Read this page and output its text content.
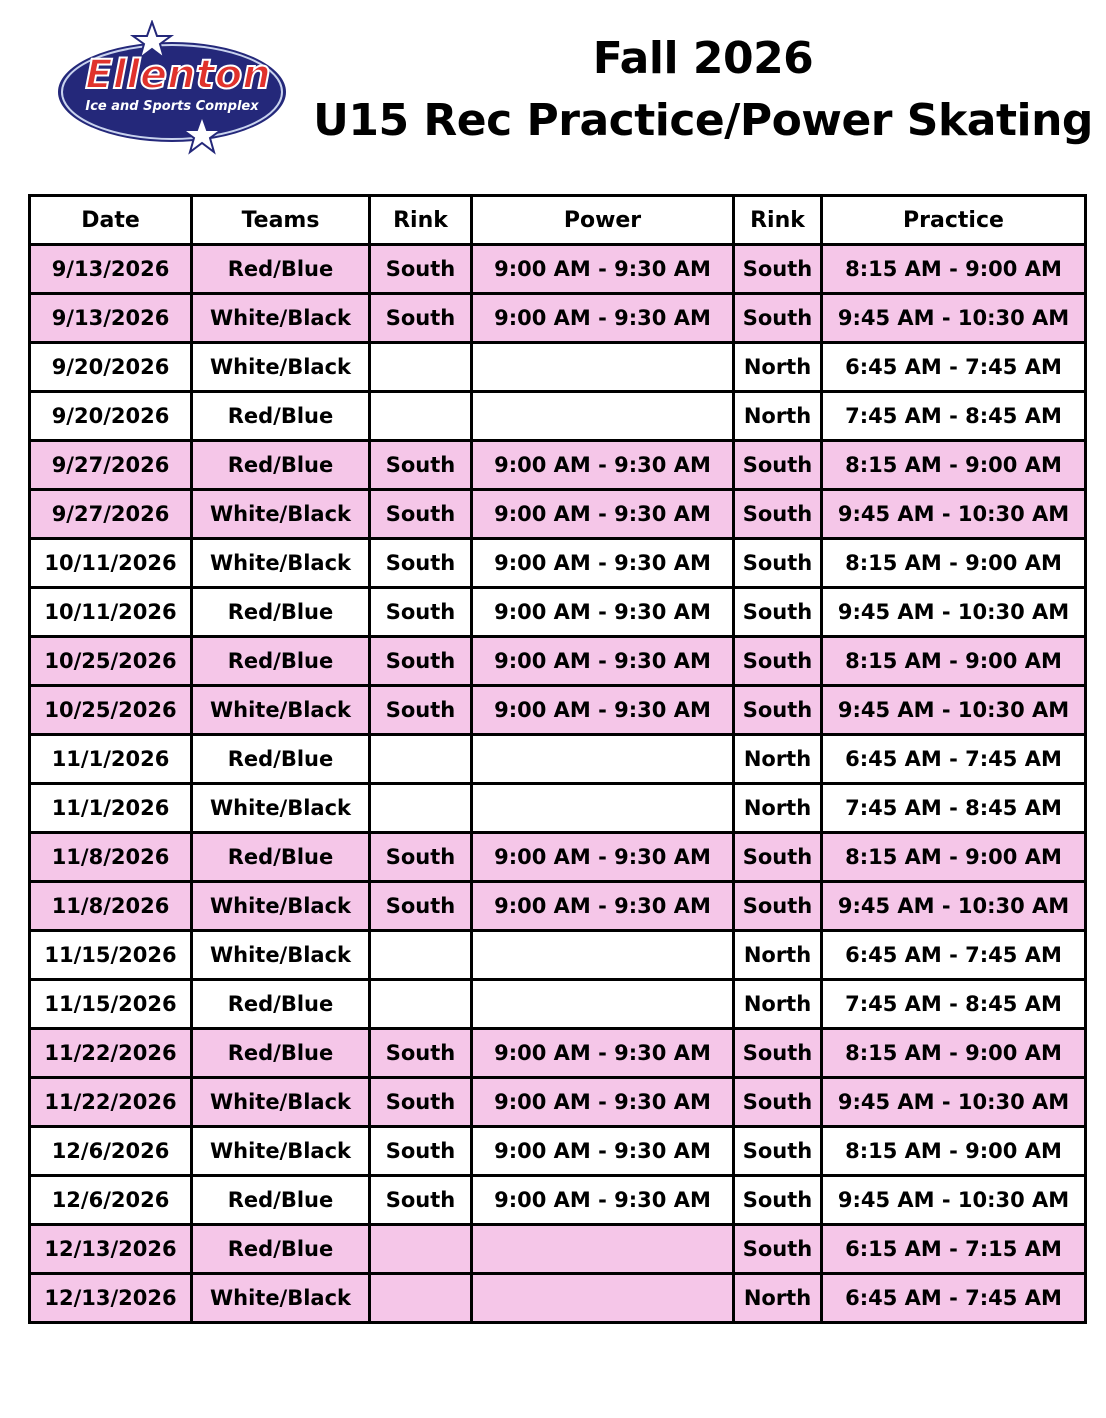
Ellenton
Ice and Sports Complex
Fall 2026
U15 Rec Practice/Power Skating
Date	Teams	Rink	Power	Rink	Practice
9/13/2026	Red/Blue	South	9:00 AM - 9:30 AM	South	8:15 AM - 9:00 AM
9/13/2026	White/Black	South	9:00 AM - 9:30 AM	South	9:45 AM - 10:30 AM
9/20/2026	White/Black			North	6:45 AM - 7:45 AM
9/20/2026	Red/Blue			North	7:45 AM - 8:45 AM
9/27/2026	Red/Blue	South	9:00 AM - 9:30 AM	South	8:15 AM - 9:00 AM
9/27/2026	White/Black	South	9:00 AM - 9:30 AM	South	9:45 AM - 10:30 AM
10/11/2026	White/Black	South	9:00 AM - 9:30 AM	South	8:15 AM - 9:00 AM
10/11/2026	Red/Blue	South	9:00 AM - 9:30 AM	South	9:45 AM - 10:30 AM
10/25/2026	Red/Blue	South	9:00 AM - 9:30 AM	South	8:15 AM - 9:00 AM
10/25/2026	White/Black	South	9:00 AM - 9:30 AM	South	9:45 AM - 10:30 AM
11/1/2026	Red/Blue			North	6:45 AM - 7:45 AM
11/1/2026	White/Black			North	7:45 AM - 8:45 AM
11/8/2026	Red/Blue	South	9:00 AM - 9:30 AM	South	8:15 AM - 9:00 AM
11/8/2026	White/Black	South	9:00 AM - 9:30 AM	South	9:45 AM - 10:30 AM
11/15/2026	White/Black			North	6:45 AM - 7:45 AM
11/15/2026	Red/Blue			North	7:45 AM - 8:45 AM
11/22/2026	Red/Blue	South	9:00 AM - 9:30 AM	South	8:15 AM - 9:00 AM
11/22/2026	White/Black	South	9:00 AM - 9:30 AM	South	9:45 AM - 10:30 AM
12/6/2026	White/Black	South	9:00 AM - 9:30 AM	South	8:15 AM - 9:00 AM
12/6/2026	Red/Blue	South	9:00 AM - 9:30 AM	South	9:45 AM - 10:30 AM
12/13/2026	Red/Blue			South	6:15 AM - 7:15 AM
12/13/2026	White/Black			North	6:45 AM - 7:45 AM
